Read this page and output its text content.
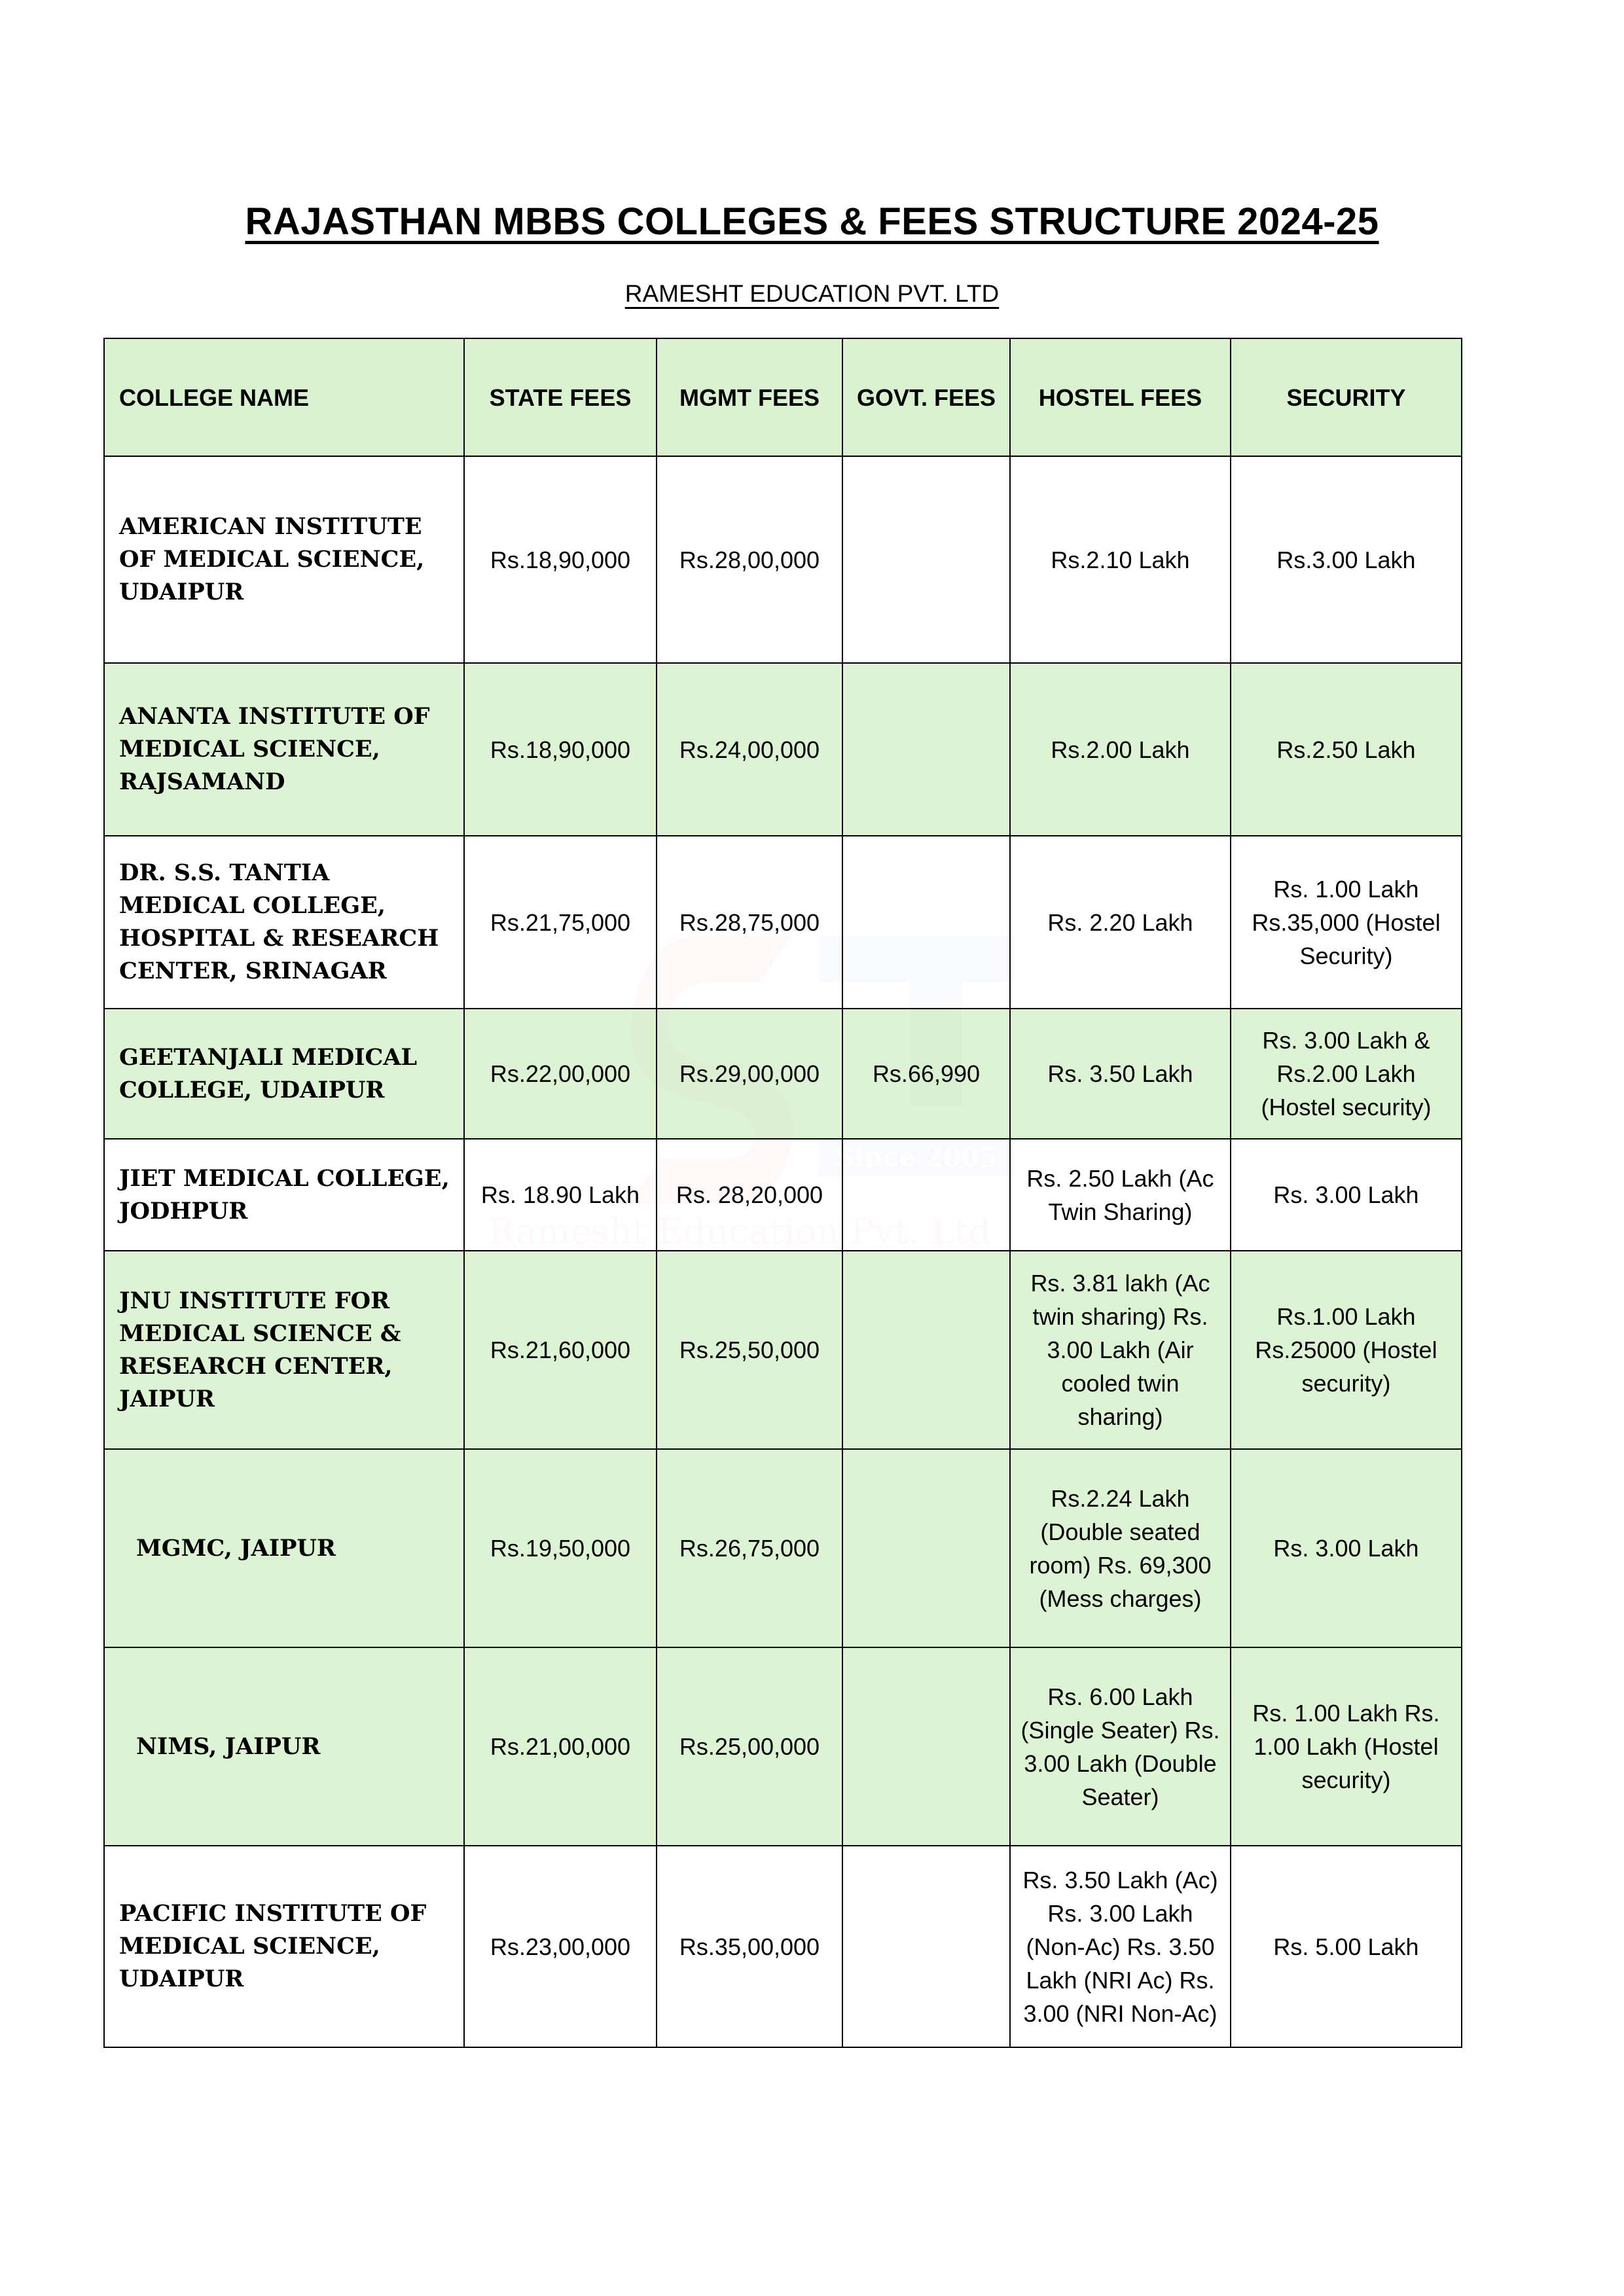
RAJASTHAN MBBS COLLEGES & FEES STRUCTURE 2024-25
RAMESHT EDUCATION PVT. LTD
COLLEGE NAME	STATE FEES	MGMT FEES	GOVT. FEES	HOSTEL FEES	SECURITY
AMERICAN INSTITUTE OF MEDICAL SCIENCE, UDAIPUR	Rs.18,90,000	Rs.28,00,000		Rs.2.10 Lakh	Rs.3.00 Lakh
ANANTA INSTITUTE OF MEDICAL SCIENCE, RAJSAMAND	Rs.18,90,000	Rs.24,00,000		Rs.2.00 Lakh	Rs.2.50 Lakh
DR. S.S. TANTIA MEDICAL COLLEGE, HOSPITAL & RESEARCH CENTER, SRINAGAR	Rs.21,75,000	Rs.28,75,000		Rs. 2.20 Lakh	Rs. 1.00 Lakh Rs.35,000 (Hostel Security)
GEETANJALI MEDICAL COLLEGE, UDAIPUR	Rs.22,00,000	Rs.29,00,000	Rs.66,990	Rs. 3.50 Lakh	Rs. 3.00 Lakh & Rs.2.00 Lakh (Hostel security)
JIET MEDICAL COLLEGE, JODHPUR	Rs. 18.90 Lakh	Rs. 28,20,000		Rs. 2.50 Lakh (Ac Twin Sharing)	Rs. 3.00 Lakh
JNU INSTITUTE FOR MEDICAL SCIENCE & RESEARCH CENTER, JAIPUR	Rs.21,60,000	Rs.25,50,000		Rs. 3.81 lakh (Ac twin sharing) Rs. 3.00 Lakh (Air cooled twin sharing)	Rs.1.00 Lakh Rs.25000 (Hostel security)
MGMC, JAIPUR	Rs.19,50,000	Rs.26,75,000		Rs.2.24 Lakh (Double seated room) Rs. 69,300 (Mess charges)	Rs. 3.00 Lakh
NIMS, JAIPUR	Rs.21,00,000	Rs.25,00,000		Rs. 6.00 Lakh (Single Seater) Rs. 3.00 Lakh (Double Seater)	Rs. 1.00 Lakh Rs. 1.00 Lakh (Hostel security)
PACIFIC INSTITUTE OF MEDICAL SCIENCE, UDAIPUR	Rs.23,00,000	Rs.35,00,000		Rs. 3.50 Lakh (Ac) Rs. 3.00 Lakh (Non-Ac) Rs. 3.50 Lakh (NRI Ac) Rs. 3.00 (NRI Non-Ac)	Rs. 5.00 Lakh
